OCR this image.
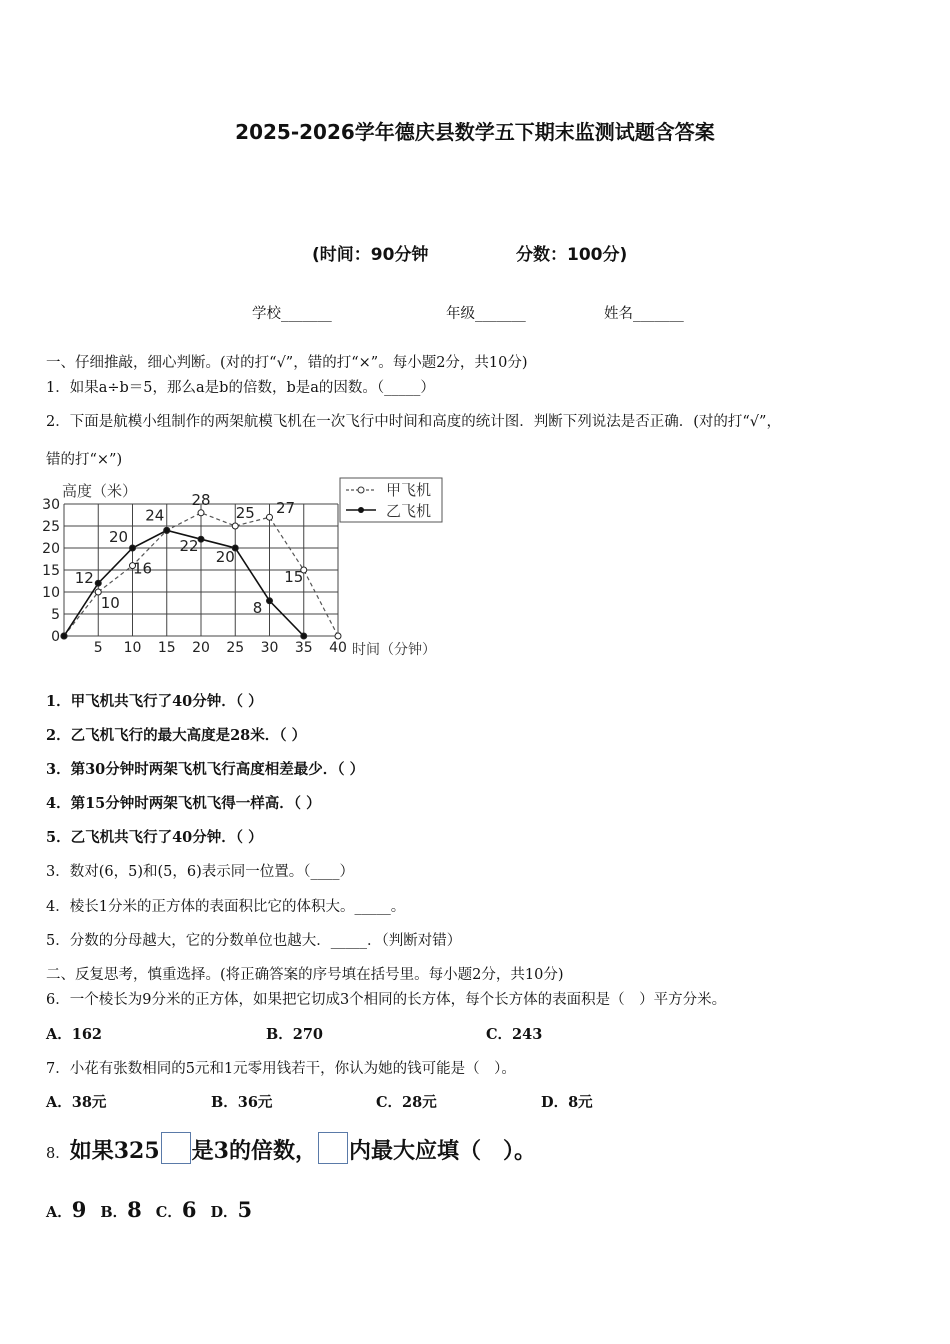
2025-2026学年德庆县数学五下期末监测试题含答案
(时间：90分钟	分数：100分)
学校_______	年级_______	姓名_______
一、仔细推敲，细心判断。(对的打“√”，错的打“×”。每小题2分，共10分)
1．如果a÷b＝5，那么a是b的倍数，b是a的因数。（_____）
2．下面是航模小组制作的两架航模飞机在一次飞行中时间和高度的统计图．判断下列说法是否正确．(对的打“√”，
错的打“×”)
5 10 15 20 25 30 35 40
0
5
10
15
20
25
30
高度（米）
时间（分钟）
28
24	25 27
20
22
20
12
16	15
10	8
甲飞机
乙飞机
1．甲飞机共飞行了40分钟．（ ）
2．乙飞机飞行的最大高度是28米．（ ）
3．第30分钟时两架飞机飞行高度相差最少．（ ）
4．第15分钟时两架飞机飞得一样高．（ ）
5．乙飞机共飞行了40分钟．（ ）
3．数对(6，5)和(5，6)表示同一位置。（____）
4．棱长1分米的正方体的表面积比它的体积大。_____。
5．分数的分母越大，它的分数单位也越大．_____．（判断对错）
二、反复思考，慎重选择。(将正确答案的序号填在括号里。每小题2分，共10分)
6．一个棱长为9分米的正方体，如果把它切成3个相同的长方体，每个长方体的表面积是（　）平方分米。
A．162	B．270	C．243
7．小花有张数相同的5元和1元零用钱若干，你认为她的钱可能是（　）。
A．38元	B．36元	C．28元	D．8元
8．如果325 是3的倍数， 内最大应填（　）。
A．9 B．8 C．6 D．5
